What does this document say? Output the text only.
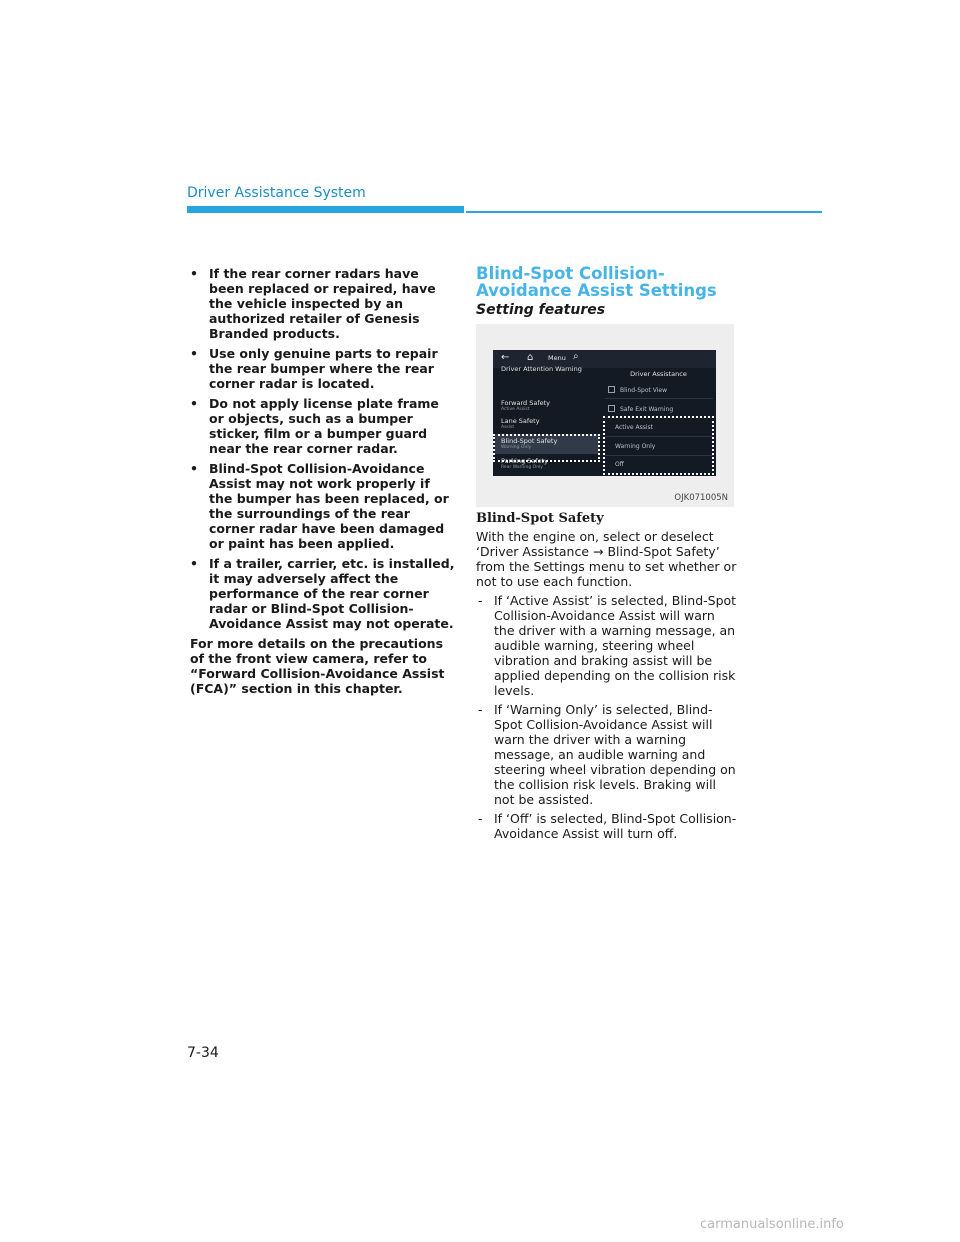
Driver Assistance System
• If the rear corner radars have been replaced or repaired, have the vehicle inspected by an authorized retailer of Genesis Branded products.
• Use only genuine parts to repair the rear bumper where the rear corner radar is located.
• Do not apply license plate frame or objects, such as a bumper sticker, film or a bumper guard near the rear corner radar.
• Blind-Spot Collision-Avoidance Assist may not work properly if the bumper has been replaced, or the surroundings of the rear corner radar have been damaged or paint has been applied.
• If a trailer, carrier, etc. is installed, it may adversely affect the performance of the rear corner radar or Blind-Spot Collision-Avoidance Assist may not operate.
For more details on the precautions of the front view camera, refer to “Forward Collision-Avoidance Assist (FCA)” section in this chapter.
Blind-Spot Collision-Avoidance Assist Settings
Setting features
← ⌂ Menu ⌕
Driver Attention Warning
Forward Safety
Active Assist
Lane Safety
Assist
Blind-Spot Safety
Warning Only
Parking Safety
Rear Warning Only
Driver Assistance
Blind-Spot View
Safe Exit Warning
Active Assist
Warning Only
Off
OJK071005N
Blind-Spot Safety
With the engine on, select or deselect ‘Driver Assistance → Blind-Spot Safety’ from the Settings menu to set whether or not to use each function.
- If ‘Active Assist’ is selected, Blind-Spot Collision-Avoidance Assist will warn the driver with a warning message, an audible warning, steering wheel vibration and braking assist will be applied depending on the collision risk levels.
- If ‘Warning Only’ is selected, Blind-Spot Collision-Avoidance Assist will warn the driver with a warning message, an audible warning and steering wheel vibration depending on the collision risk levels. Braking will not be assisted.
- If ‘Off’ is selected, Blind-Spot Collision-Avoidance Assist will turn off.
7-34
carmanualsonline.info
